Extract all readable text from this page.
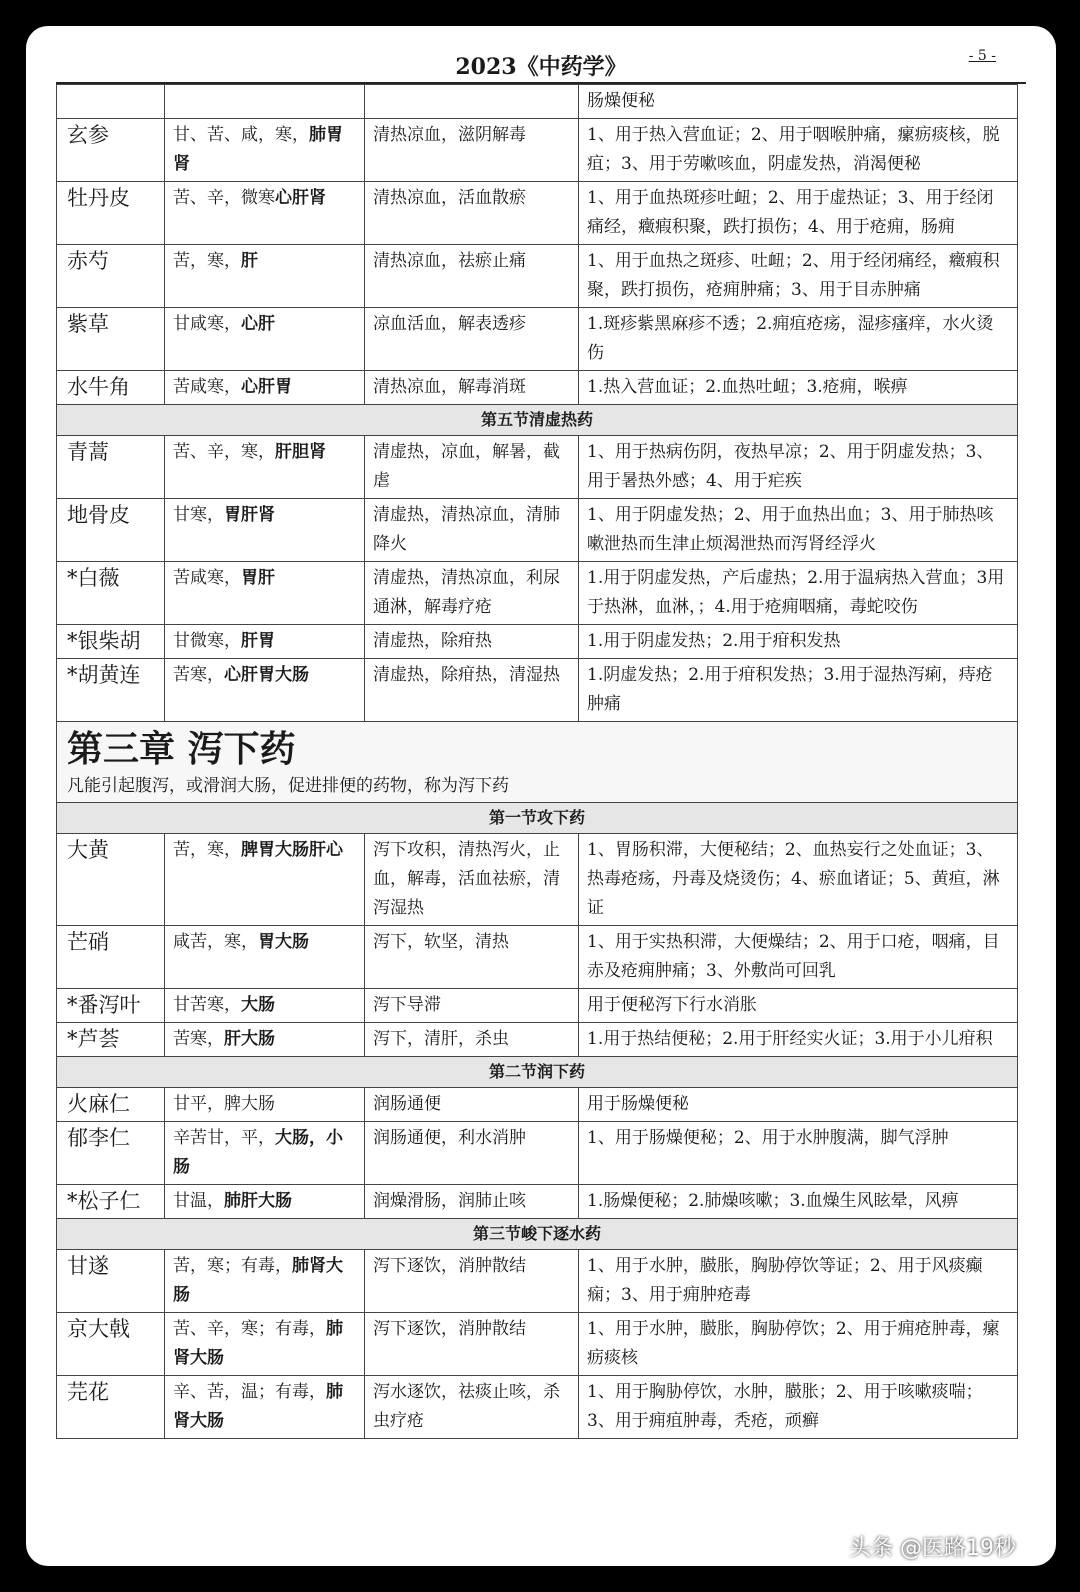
2023《中药学》	- 5 -
			肠燥便秘
玄参	甘、苦、咸，寒，肺胃肾	清热凉血，滋阴解毒	1、用于热入营血证；2、用于咽喉肿痛，瘰疬痰核，脱疽；3、用于劳嗽咳血，阴虚发热，消渴便秘
牡丹皮	苦、辛，微寒心肝肾	清热凉血，活血散瘀	1、用于血热斑疹吐衄；2、用于虚热证；3、用于经闭痛经，癥瘕积聚，跌打损伤；4、用于疮痈，肠痈
赤芍	苦，寒，肝	清热凉血，祛瘀止痛	1、用于血热之斑疹、吐衄；2、用于经闭痛经，癥瘕积聚，跌打损伤，疮痈肿痛；3、用于目赤肿痛
紫草	甘咸寒，心肝	凉血活血，解表透疹	1.斑疹紫黑麻疹不透；2.痈疽疮疡，湿疹瘙痒，水火烫伤
水牛角	苦咸寒，心肝胃	清热凉血，解毒消斑	1.热入营血证；2.血热吐衄；3.疮痈，喉痹
第五节清虚热药			
青蒿	苦、辛，寒，肝胆肾	清虚热，凉血，解暑，截虐	1、用于热病伤阴，夜热早凉；2、用于阴虚发热；3、用于暑热外感；4、用于疟疾
地骨皮	甘寒，胃肝肾	清虚热，清热凉血，清肺降火	1、用于阴虚发热；2、用于血热出血；3、用于肺热咳嗽泄热而生津止烦渴泄热而泻肾经浮火
*白薇	苦咸寒，胃肝	清虚热，清热凉血，利尿通淋，解毒疗疮	1.用于阴虚发热，产后虚热；2.用于温病热入营血；3用于热淋，血淋，；4.用于疮痈咽痛，毒蛇咬伤
*银柴胡	甘微寒，肝胃	清虚热，除疳热	1.用于阴虚发热；2.用于疳积发热
*胡黄连	苦寒，心肝胃大肠	清虚热，除疳热，清湿热	1.阴虚发热；2.用于疳积发热；3.用于湿热泻痢，痔疮肿痛
第三章 泻下药			
凡能引起腹泻，或滑润大肠，促进排便的药物，称为泻下药			
第一节攻下药			
大黄	苦，寒，脾胃大肠肝心	泻下攻积，清热泻火，止血，解毒，活血祛瘀，清泻湿热	1、胃肠积滞，大便秘结；2、血热妄行之处血证；3、热毒疮疡，丹毒及烧烫伤；4、瘀血诸证；5、黄疸，淋证
芒硝	咸苦，寒，胃大肠	泻下，软坚，清热	1、用于实热积滞，大便燥结；2、用于口疮，咽痛，目赤及疮痈肿痛；3、外敷尚可回乳
*番泻叶	甘苦寒，大肠	泻下导滞	用于便秘泻下行水消胀
*芦荟	苦寒，肝大肠	泻下，清肝，杀虫	1.用于热结便秘；2.用于肝经实火证；3.用于小儿疳积
第二节润下药			
火麻仁	甘平，脾大肠	润肠通便	用于肠燥便秘
郁李仁	辛苦甘，平，大肠，小肠	润肠通便，利水消肿	1、用于肠燥便秘；2、用于水肿腹满，脚气浮肿
*松子仁	甘温，肺肝大肠	润燥滑肠，润肺止咳	1.肠燥便秘；2.肺燥咳嗽；3.血燥生风眩晕，风痹
第三节峻下逐水药			
甘遂	苦，寒；有毒，肺肾大肠	泻下逐饮，消肿散结	1、用于水肿，臌胀，胸胁停饮等证；2、用于风痰癫痫；3、用于痈肿疮毒
京大戟	苦、辛，寒；有毒，肺肾大肠	泻下逐饮，消肿散结	1、用于水肿，臌胀，胸胁停饮；2、用于痈疮肿毒，瘰疬痰核
芫花	辛、苦，温；有毒，肺肾大肠	泻水逐饮，祛痰止咳，杀虫疗疮	1、用于胸胁停饮，水肿，臌胀；2、用于咳嗽痰喘；3、用于痈疽肿毒，秃疮，顽癣
头条 @医路19秒
